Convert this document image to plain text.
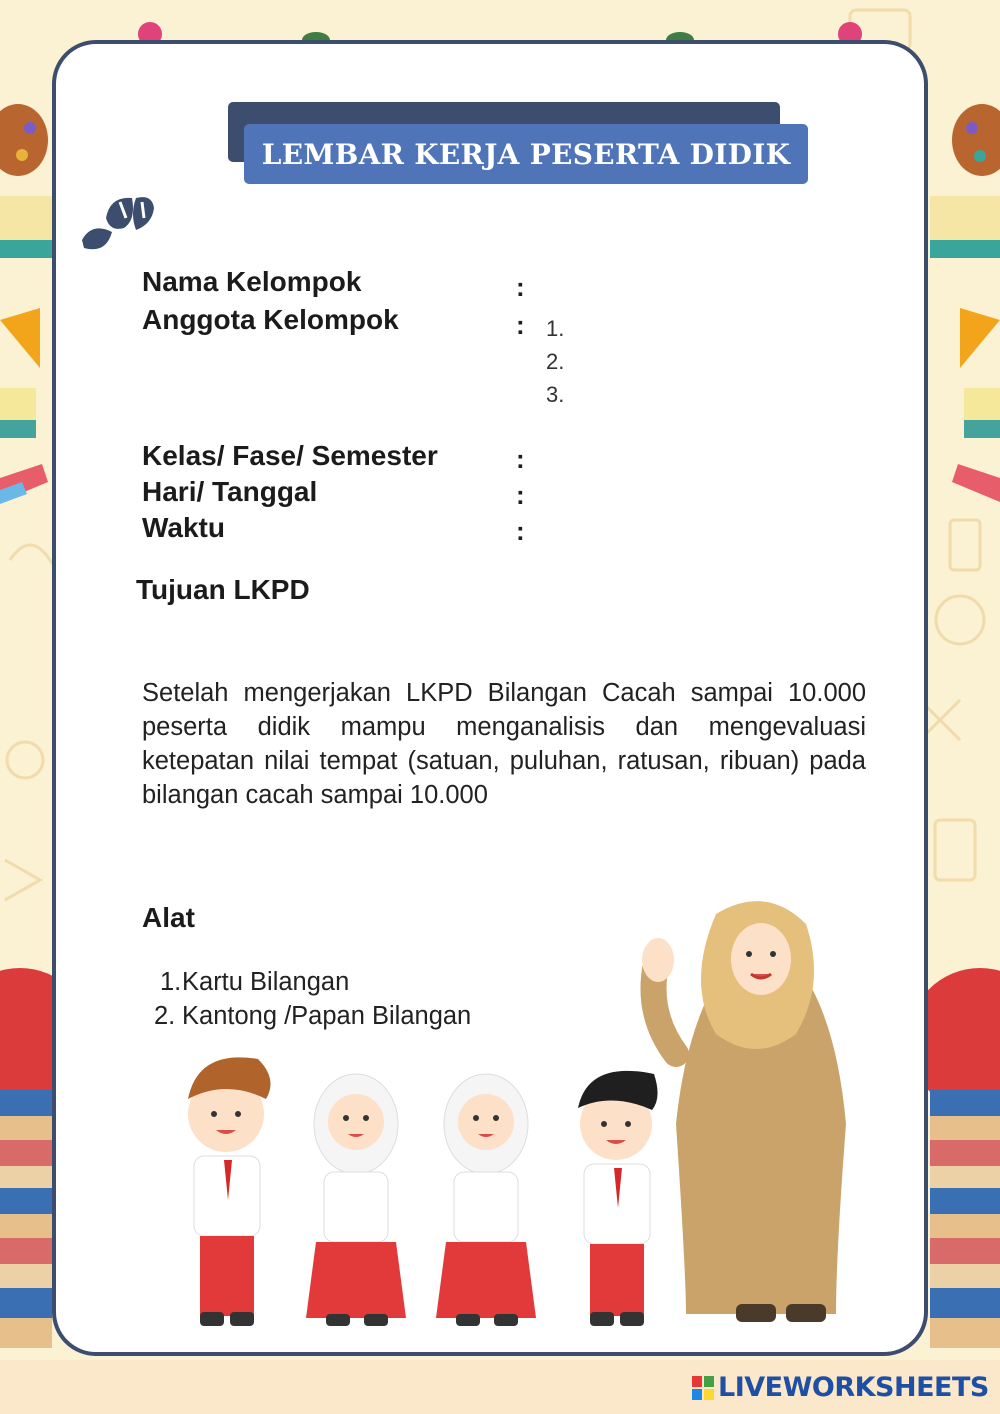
LEMBAR KERJA PESERTA DIDIK
Nama Kelompok	:
Anggota Kelompok	: 1.
2.
3.
Kelas/ Fase/ Semester	:
Hari/ Tanggal	:
Waktu	:
Tujuan LKPD

Setelah mengerjakan LKPD Bilangan Cacah sampai 10.000 peserta didik mampu menganalisis dan mengevaluasi ketepatan nilai tempat (satuan, puluhan, ratusan, ribuan) pada bilangan cacah sampai 10.000

Alat
1. Kartu Bilangan
2. Kantong /Papan Bilangan
LIVEWORKSHEETS
